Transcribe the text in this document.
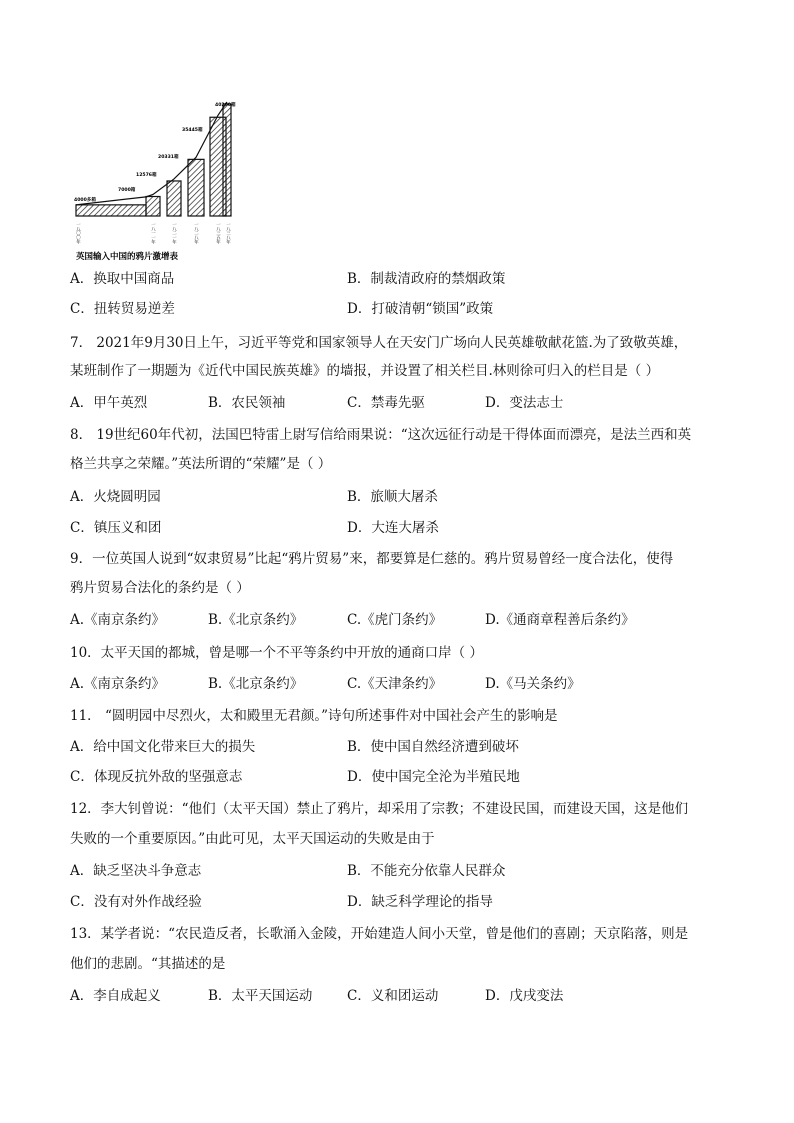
4000多箱
7000箱
12576箱
20331箱
35445箱
40200箱
一八〇〇年	一八一一年	一八二一年	一八二八年	一八三五年 一八三八年
英国输入中国的鸦片激增表
A．换取中国商品	B．制裁清政府的禁烟政策
C．扭转贸易逆差	D．打破清朝“锁国”政策
7． 2021年9月30日上午，习近平等党和国家领导人在天安门广场向人民英雄敬献花篮.为了致敬英雄，
某班制作了一期题为《近代中国民族英雄》的墙报，并设置了相关栏目.林则徐可归入的栏目是（ ）
A．甲午英烈	B．农民领袖	C．禁毒先驱	D．变法志士
8． 19世纪60年代初，法国巴特雷上尉写信给雨果说：“这次远征行动是干得体面而漂亮，是法兰西和英
格兰共享之荣耀。”英法所谓的“荣耀”是（ ）
A．火烧圆明园	B．旅顺大屠杀
C．镇压义和团	D．大连大屠杀
9．一位英国人说到“奴隶贸易”比起“鸦片贸易”来，都要算是仁慈的。鸦片贸易曾经一度合法化，使得
鸦片贸易合法化的条约是（ ）
A.《南京条约》	B.《北京条约》	C.《虎门条约》	D.《通商章程善后条约》
10．太平天国的都城，曾是哪一个不平等条约中开放的通商口岸（ ）
A.《南京条约》	B.《北京条约》	C.《天津条约》	D.《马关条约》
11． “圆明园中尽烈火，太和殿里无君颜。”诗句所述事件对中国社会产生的影响是
A．给中国文化带来巨大的损失	B．使中国自然经济遭到破坏
C．体现反抗外敌的坚强意志	D．使中国完全沦为半殖民地
12．李大钊曾说：“他们（太平天国）禁止了鸦片，却采用了宗教；不建设民国，而建设天国，这是他们
失败的一个重要原因。”由此可见，太平天国运动的失败是由于
A．缺乏坚决斗争意志	B．不能充分依靠人民群众
C．没有对外作战经验	D．缺乏科学理论的指导
13．某学者说：“农民造反者，长歌涌入金陵，开始建造人间小天堂，曾是他们的喜剧；天京陷落，则是
他们的悲剧。“其描述的是
A．李自成起义	B．太平天国运动	C．义和团运动	D．戊戌变法
